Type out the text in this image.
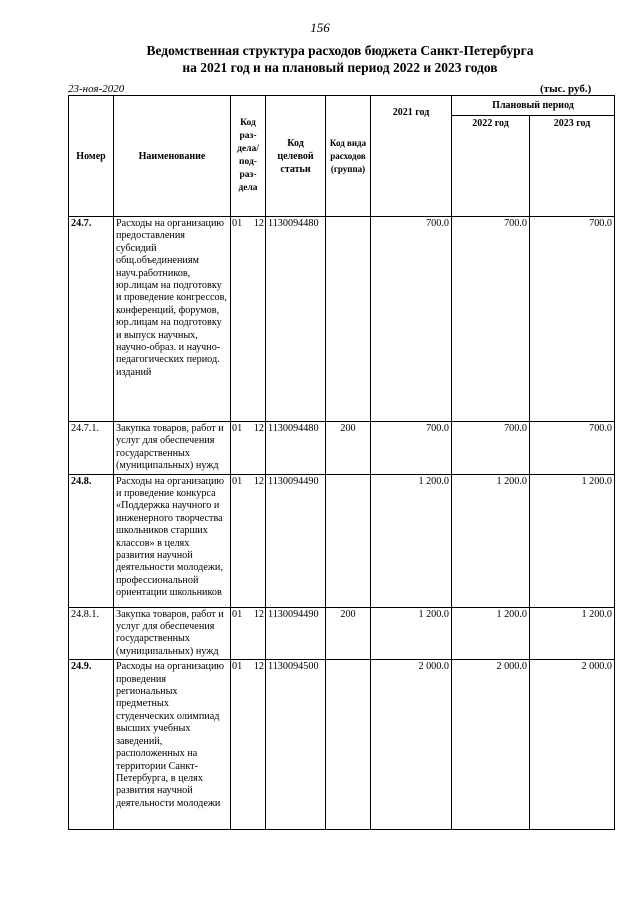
156
Ведомственная структура расходов бюджета Санкт-Петербурга
на 2021 год и на плановый период 2022 и 2023 годов
23-ноя-2020	(тыс. руб.)
Номер	Наименование	Код раз- дела/ под- раз- дела	Код целевой статьи	Код вида расходов (группа)	2021 год	Плановый период	
						2022 год	2023 год
24.7.	Расходы на организацию предоставления субсидий общ.объединениям науч.работников, юр.лицам на подготовку и проведение конгрессов, конференций, форумов, юр.лицам на подготовку и выпуск научных, научно-образ. и научно-педагогических период. изданий	01 12	1130094480		700.0	700.0	700.0
24.7.1.	Закупка товаров, работ и услуг для обеспечения государственных (муниципальных) нужд	01 12	1130094480	200	700.0	700.0	700.0
24.8.	Расходы на организацию и проведение конкурса «Поддержка научного и инженерного творчества школьников старших классов» в целях развития научной деятельности молодежи, профессиональной ориентации школьников	01 12	1130094490		1 200.0	1 200.0	1 200.0
24.8.1.	Закупка товаров, работ и услуг для обеспечения государственных (муниципальных) нужд	01 12	1130094490	200	1 200.0	1 200.0	1 200.0
24.9.	Расходы на организацию проведения региональных предметных студенческих олимпиад высших учебных заведений, расположенных на территории Санкт-Петербурга, в целях развития научной деятельности молодежи	01 12	1130094500		2 000.0	2 000.0	2 000.0
